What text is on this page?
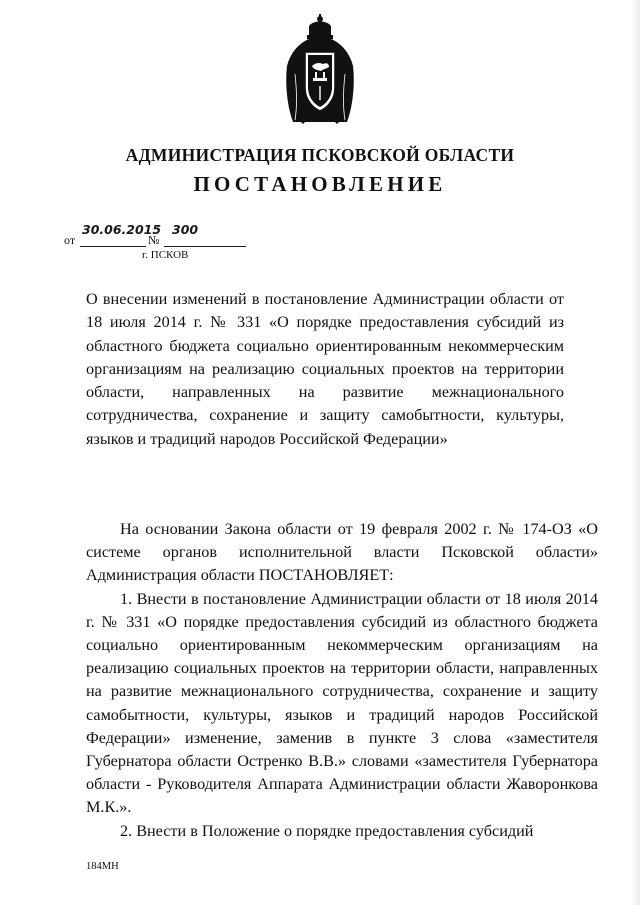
АДМИНИСТРАЦИЯ ПСКОВСКОЙ ОБЛАСТИ
ПОСТАНОВЛЕНИЕ
от
30.06.2015
№
300
г. ПСКОВ
О внесении изменений в постановление Администрации области от 18 июля 2014 г. № 331 «О порядке предоставления субсидий из областного бюджета социально ориентированным некоммерческим организациям на реализацию социальных проектов на территории области, направленных на развитие межнационального сотрудничества, сохранение и защиту самобытности, культуры, языков и традиций народов Российской Федерации»

На основании Закона области от 19 февраля 2002 г. № 174-ОЗ «О системе органов исполнительной власти Псковской области» Администрация области ПОСТАНОВЛЯЕТ:

1. Внести в постановление Администрации области от 18 июля 2014 г. № 331 «О порядке предоставления субсидий из областного бюджета социально ориентированным некоммерческим организациям на реализацию социальных проектов на территории области, направленных на развитие межнационального сотрудничества, сохранение и защиту самобытности, культуры, языков и традиций народов Российской Федерации» изменение, заменив в пункте 3 слова «заместителя Губернатора области Остренко В.В.» словами «заместителя Губернатора области - Руководителя Аппарата Администрации области Жаворонкова М.К.».

2. Внести в Положение о порядке предоставления субсидий

184МН
